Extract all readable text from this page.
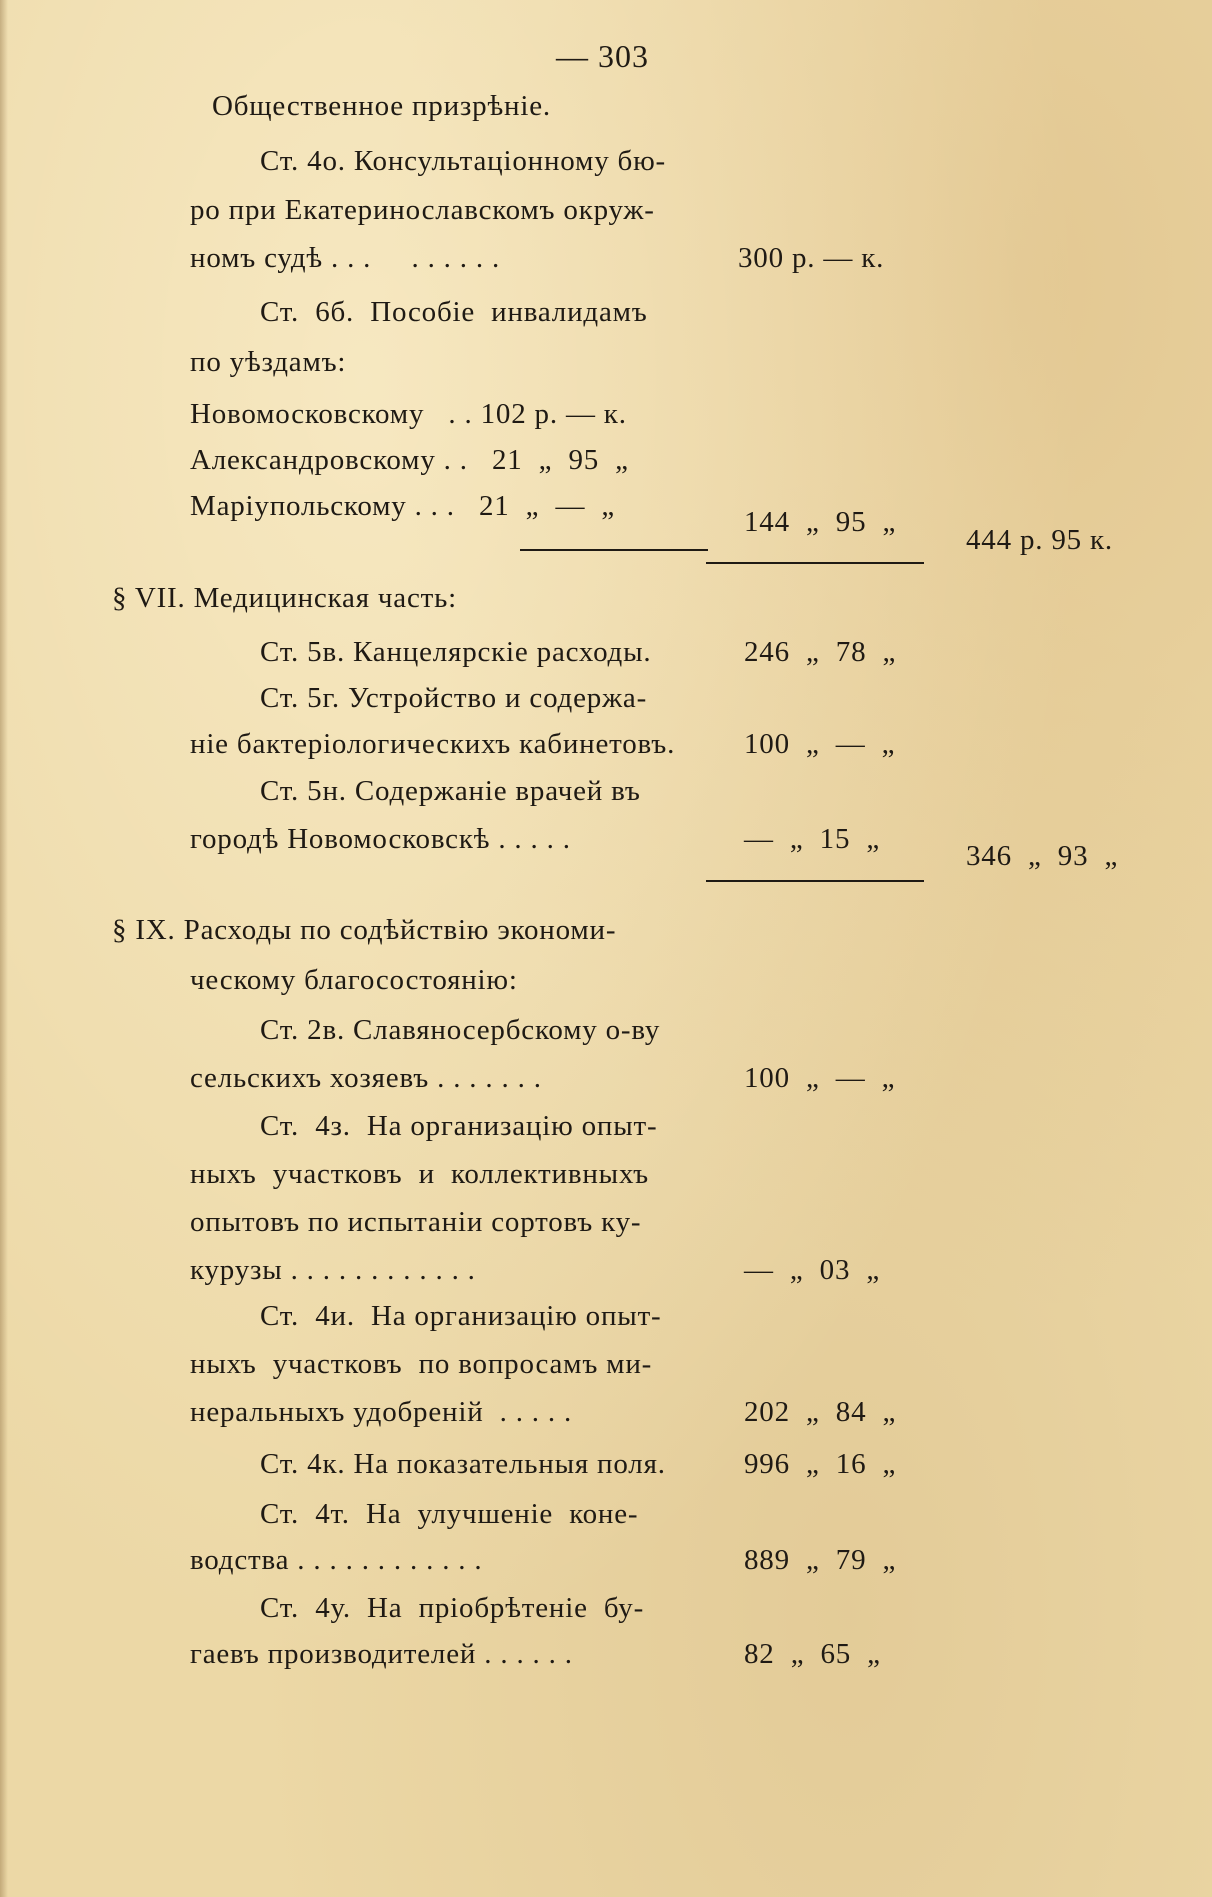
— 303
Общественное призрѣніе.
Ст. 4о. Консультаціонному бю-
ро при Екатеринославскомъ окруж-
номъ судѣ . . .     . . . . . .	300 р. — к.
Ст.  6б.  Пособіе  инвалидамъ
по уѣздамъ:
Новомосковскому   . . 102 р. — к.
Александровскому . .   21  „  95  „
Маріупольскому . . .   21  „  —  „	144  „  95  „
444 р. 95 к.
§ VII. Медицинская часть:
Ст. 5в. Канцелярскіе расходы.	246  „  78  „
Ст. 5г. Устройство и содержа-
ніе бактеріологическихъ кабинетовъ. 100  „  —  „
Ст. 5н. Содержаніе врачей въ
городѣ Новомосковскѣ . . . . .	—  „  15  „
346  „  93  „
§ IX. Расходы по содѣйствію экономи-
ческому благосостоянію:
Ст. 2в. Славяносербскому о-ву
сельскихъ хозяевъ . . . . . . .	100  „  —  „
Ст.  4з.  На организацію опыт-
ныхъ  участковъ  и  коллективныхъ
опытовъ по испытаніи сортовъ ку-
курузы . . . . . . . . . . . .	—  „  03  „
Ст.  4и.  На организацію опыт-
ныхъ  участковъ  по вопросамъ ми-
неральныхъ удобреній  . . . . .	202  „  84  „
Ст. 4к. На показательныя поля.	996  „  16  „
Ст.  4т.  На  улучшеніе  коне-
водства . . . . . . . . . . . .	889  „  79  „
Ст.  4у.  На  пріобрѣтеніе  бу-
гаевъ производителей . . . . . .	82  „  65  „
